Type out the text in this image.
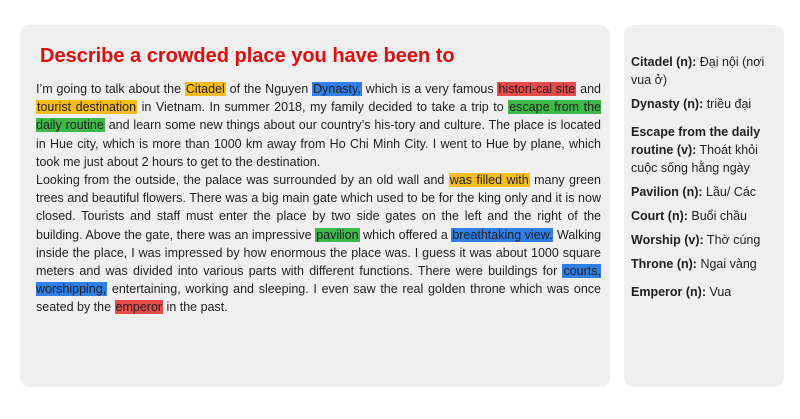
Describe a crowded place you have been to

I’m going to talk about the Citadel of the Nguyen Dynasty, which is a very famous histori-cal site and tourist destination in Vietnam. In summer 2018, my family decided to take a trip to escape from the daily routine and learn some new things about our country’s his-tory and culture. The place is located in Hue city, which is more than 1000 km away from Ho Chi Minh City. I went to Hue by plane, which took me just about 2 hours to get to the destination.

Looking from the outside, the palace was surrounded by an old wall and was filled with many green trees and beautiful flowers. There was a big main gate which used to be for the king only and it is now closed. Tourists and staff must enter the place by two side gates on the left and the right of the building. Above the gate, there was an impressive pavilion which offered a breathtaking view. Walking inside the place, I was impressed by how enormous the place was. I guess it was about 1000 square meters and was divided into various parts with different functions. There were buildings for courts, worshipping, entertaining, working and sleeping. I even saw the real golden throne which was once seated by the emperor in the past.

Citadel (n): Đại nội (nơi vua ở)
Dynasty (n): triều đại
Escape from the daily routine (v): Thoát khỏi cuộc sống hằng ngày
Pavilion (n): Lầu/ Các
Court (n): Buổi chầu
Worship (v): Thờ cúng
Throne (n): Ngai vàng
Emperor (n): Vua
